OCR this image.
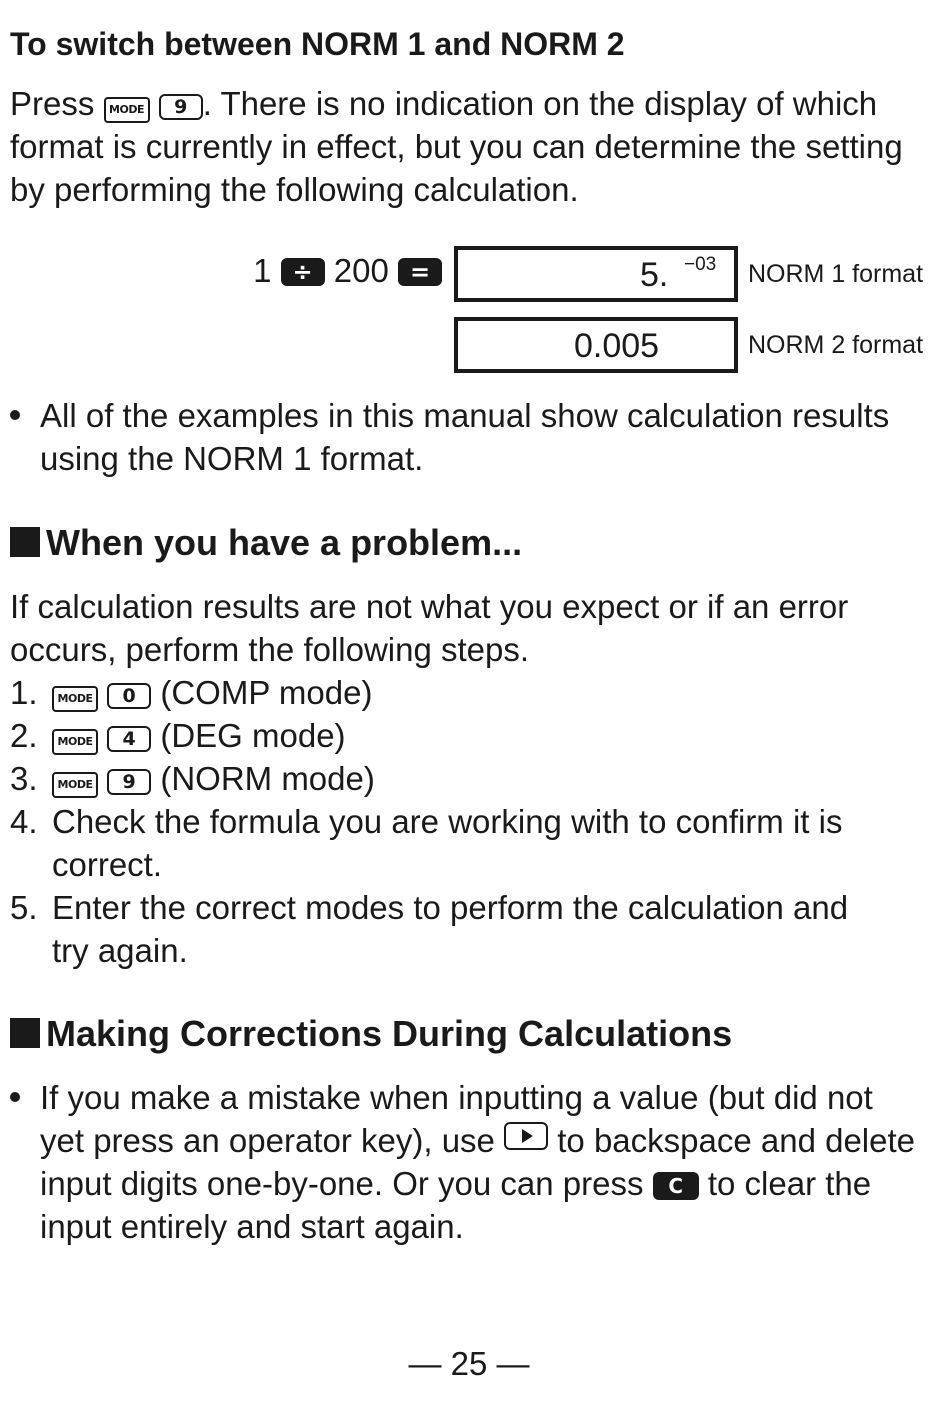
To switch between NORM 1 and NORM 2
Press MODE 9 . There is no indication on the display of which
format is currently in effect, but you can determine the setting
by performing the following calculation.
1 ÷ 200 =	5. −03 NORM 1 format
0.005	NORM 2 format
All of the examples in this manual show calculation results
using the NORM 1 format.
When you have a problem...
If calculation results are not what you expect or if an error
occurs, perform the following steps.
1.	MODE 0 (COMP mode)
2.	MODE 4 (DEG mode)
3.	MODE 9 (NORM mode)
4. Check the formula you are working with to confirm it is
correct.
5. Enter the correct modes to perform the calculation and
try again.
Making Corrections During Calculations
If you make a mistake when inputting a value (but did not
yet press an operator key), use to backspace and delete
input digits one-by-one. Or you can press C to clear the
input entirely and start again.
— 25 —
